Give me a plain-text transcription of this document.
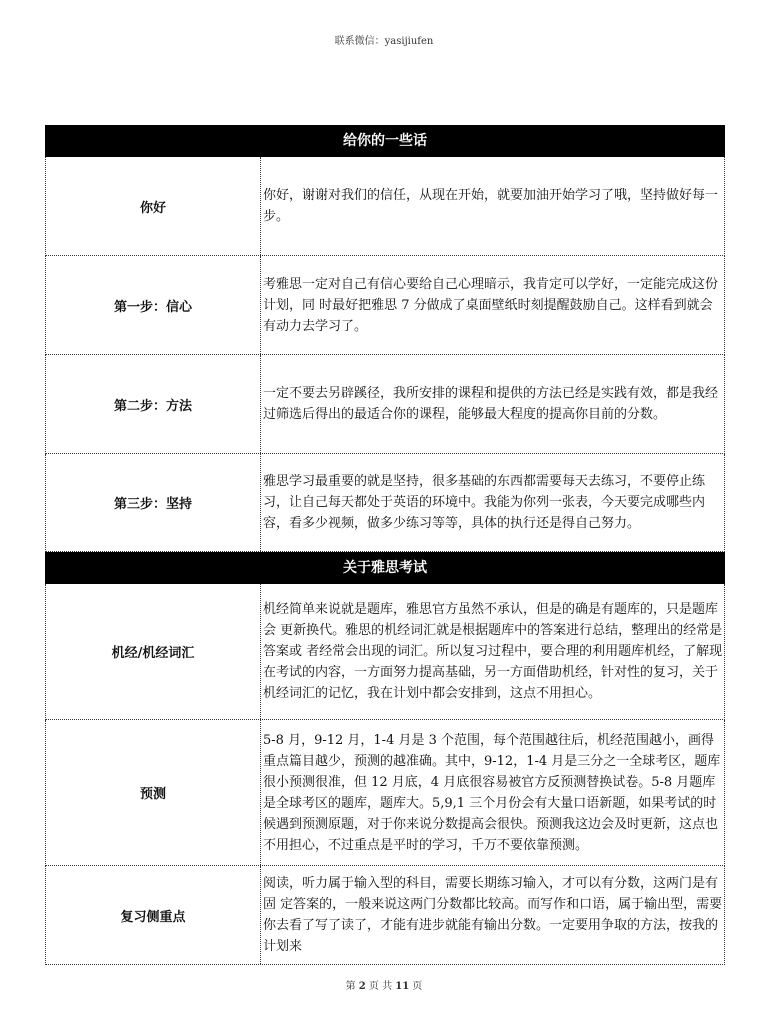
联系微信：yasijiufen
给你的一些话
你好
你好，谢谢对我们的信任，从现在开始，就要加油开始学习了哦，坚持做好每一步。
第一步：信心
考雅思一定对自己有信心要给自己心理暗示，我肯定可以学好，一定能完成这份计划，同 时最好把雅思 7 分做成了桌面壁纸时刻提醒鼓励自己。这样看到就会有动力去学习了。
第二步：方法
一定不要去另辟蹊径，我所安排的课程和提供的方法已经是实践有效，都是我经过筛选后得出的最适合你的课程，能够最大程度的提高你目前的分数。
第三步：坚持
雅思学习最重要的就是坚持，很多基础的东西都需要每天去练习，不要停止练习，让自己每天都处于英语的环境中。我能为你列一张表，今天要完成哪些内容，看多少视频，做多少练习等等，具体的执行还是得自己努力。
关于雅思考试
机经/机经词汇
机经简单来说就是题库，雅思官方虽然不承认，但是的确是有题库的，只是题库会 更新换代。雅思的机经词汇就是根据题库中的答案进行总结，整理出的经常是答案或 者经常会出现的词汇。所以复习过程中，要合理的利用题库机经，了解现在考试的内容，一方面努力提高基础，另一方面借助机经，针对性的复习，关于机经词汇的记忆，我在计划中都会安排到，这点不用担心。
预测
5-8 月，9-12 月，1-4 月是 3 个范围，每个范围越往后，机经范围越小，画得重点篇目越少，预测的越准确。其中，9-12，1-4 月是三分之一全球考区，题库很小预测很准，但 12 月底，4 月底很容易被官方反预测替换试卷。5-8 月题库是全球考区的题库，题库大。5,9,1 三个月份会有大量口语新题，如果考试的时候遇到预测原题，对于你来说分数提高会很快。预测我这边会及时更新，这点也不用担心，不过重点是平时的学习，千万不要依靠预测。
复习侧重点
阅读，听力属于输入型的科目，需要长期练习输入，才可以有分数，这两门是有固 定答案的，一般来说这两门分数都比较高。而写作和口语，属于输出型，需要你去看了写了读了，才能有进步就能有输出分数。一定要用争取的方法，按我的计划来
第 2 页 共 11 页
